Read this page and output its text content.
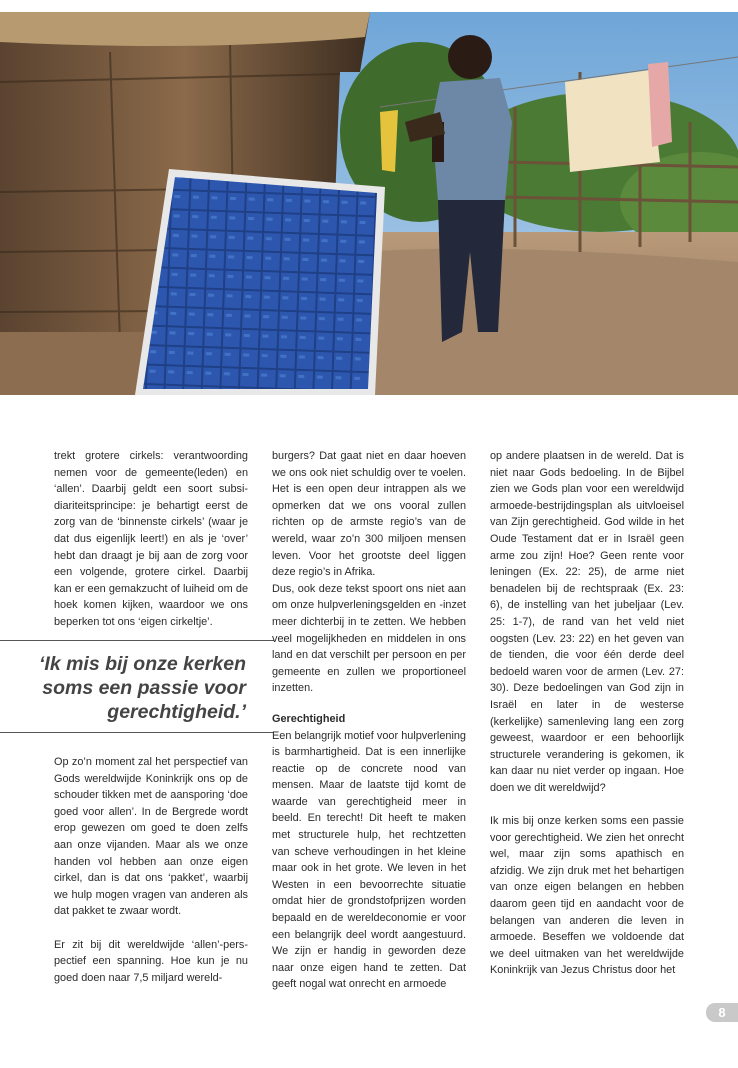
trekt grotere cirkels: verantwoording nemen voor de gemeente(leden) en ‘allen’. Daarbij geldt een soort subsi-diariteitsprincipe: je behartigt eerst de zorg van de ‘binnenste cirkels’ (waar je dat dus eigenlijk leert!) en als je ‘over’ hebt dan draagt je bij aan de zorg voor een volgende, grotere cirkel. Daarbij kan er een gemakzucht of luiheid om de hoek komen kijken, waardoor we ons beperken tot ons ‘eigen cirkeltje’.

‘Ik mis bij onze kerken
soms een passie voor
gerechtigheid.’

Op zo’n moment zal het perspectief van Gods wereldwijde Koninkrijk ons op de schouder tikken met de aansporing ‘doe goed voor allen’. In de Bergrede wordt erop gewezen om goed te doen zelfs aan onze vijanden. Maar als we onze handen vol hebben aan onze eigen cirkel, dan is dat ons ‘pakket’, waarbij we hulp mogen vragen van anderen als dat pakket te zwaar wordt.

Er zit bij dit wereldwijde ‘allen’-pers-pectief een spanning. Hoe kun je nu goed doen naar 7,5 miljard wereld-

burgers? Dat gaat niet en daar hoeven we ons ook niet schuldig over te voelen. Het is een open deur intrappen als we opmerken dat we ons vooral zullen richten op de armste regio’s van de wereld, waar zo’n 300 miljoen mensen leven. Voor het grootste deel liggen deze regio’s in Afrika.

Dus, ook deze tekst spoort ons niet aan om onze hulpverleningsgelden en -inzet meer dichterbij in te zetten. We hebben veel mogelijkheden en middelen in ons land en dat verschilt per persoon en per gemeente en zullen we proportioneel inzetten.

Gerechtigheid

Een belangrijk motief voor hulpverlening is barmhartigheid. Dat is een innerlijke reactie op de concrete nood van mensen. Maar de laatste tijd komt de waarde van gerechtigheid meer in beeld. En terecht! Dit heeft te maken met structurele hulp, het rechtzetten van scheve verhoudingen in het kleine maar ook in het grote. We leven in het Westen in een bevoorrechte situatie omdat hier de grondstofprijzen worden bepaald en de wereldeconomie er voor een belangrijk deel wordt aangestuurd. We zijn er handig in geworden deze naar onze eigen hand te zetten. Dat geeft nogal wat onrecht en armoede

op andere plaatsen in de wereld. Dat is niet naar Gods bedoeling. In de Bijbel zien we Gods plan voor een wereldwijd armoede-bestrijdingsplan als uitvloeisel van Zijn gerechtigheid. God wilde in het Oude Testament dat er in Israël geen arme zou zijn! Hoe? Geen rente voor leningen (Ex. 22: 25), de arme niet benadelen bij de rechtspraak (Ex. 23: 6), de instelling van het jubeljaar (Lev. 25: 1-7), de rand van het veld niet oogsten (Lev. 23: 22) en het geven van de tienden, die voor één derde deel bedoeld waren voor de armen (Lev. 27: 30). Deze bedoelingen van God zijn in Israël en later in de westerse (kerkelijke) samenleving lang een zorg geweest, waardoor er een behoorlijk structurele verandering is gekomen, ik kan daar nu niet verder op ingaan. Hoe doen we dit wereldwijd?

Ik mis bij onze kerken soms een passie voor gerechtigheid. We zien het onrecht wel, maar zijn soms apathisch en afzidig. We zijn druk met het behartigen van onze eigen belangen en hebben daarom geen tijd en aandacht voor de belangen van anderen die leven in armoede. Beseffen we voldoende dat we deel uitmaken van het wereldwijde Koninkrijk van Jezus Christus door het

8
